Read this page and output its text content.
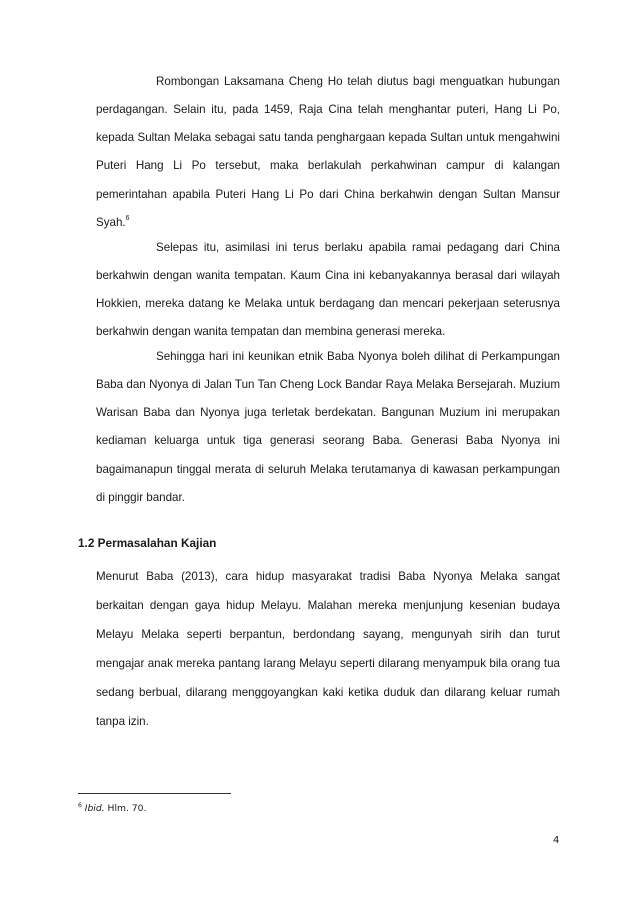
Rombongan Laksamana Cheng Ho telah diutus bagi menguatkan hubungan perdagangan. Selain itu, pada 1459, Raja Cina telah menghantar puteri, Hang Li Po, kepada Sultan Melaka sebagai satu tanda penghargaan kepada Sultan untuk mengahwini Puteri Hang Li Po tersebut, maka berlakulah perkahwinan campur di kalangan pemerintahan apabila Puteri Hang Li Po dari China berkahwin dengan Sultan Mansur Syah.$^6$

Selepas itu, asimilasi ini terus berlaku apabila ramai pedagang dari China berkahwin dengan wanita tempatan. Kaum Cina ini kebanyakannya berasal dari wilayah Hokkien, mereka datang ke Melaka untuk berdagang dan mencari pekerjaan seterusnya berkahwin dengan wanita tempatan dan membina generasi mereka.

Sehingga hari ini keunikan etnik Baba Nyonya boleh dilihat di Perkampungan Baba dan Nyonya di Jalan Tun Tan Cheng Lock Bandar Raya Melaka Bersejarah. Muzium Warisan Baba dan Nyonya juga terletak berdekatan. Bangunan Muzium ini merupakan kediaman keluarga untuk tiga generasi seorang Baba. Generasi Baba Nyonya ini bagaimanapun tinggal merata di seluruh Melaka terutamanya di kawasan perkampungan di pinggir bandar.

1.2 Permasalahan Kajian

Menurut Baba (2013), cara hidup masyarakat tradisi Baba Nyonya Melaka sangat berkaitan dengan gaya hidup Melayu. Malahan mereka menjunjung kesenian budaya Melayu Melaka seperti berpantun, berdondang sayang, mengunyah sirih dan turut mengajar anak mereka pantang larang Melayu seperti dilarang menyampuk bila orang tua sedang berbual, dilarang menggoyangkan kaki ketika duduk dan dilarang keluar rumah tanpa izin.

$^6$ Ibid. Hlm. 70.

4
